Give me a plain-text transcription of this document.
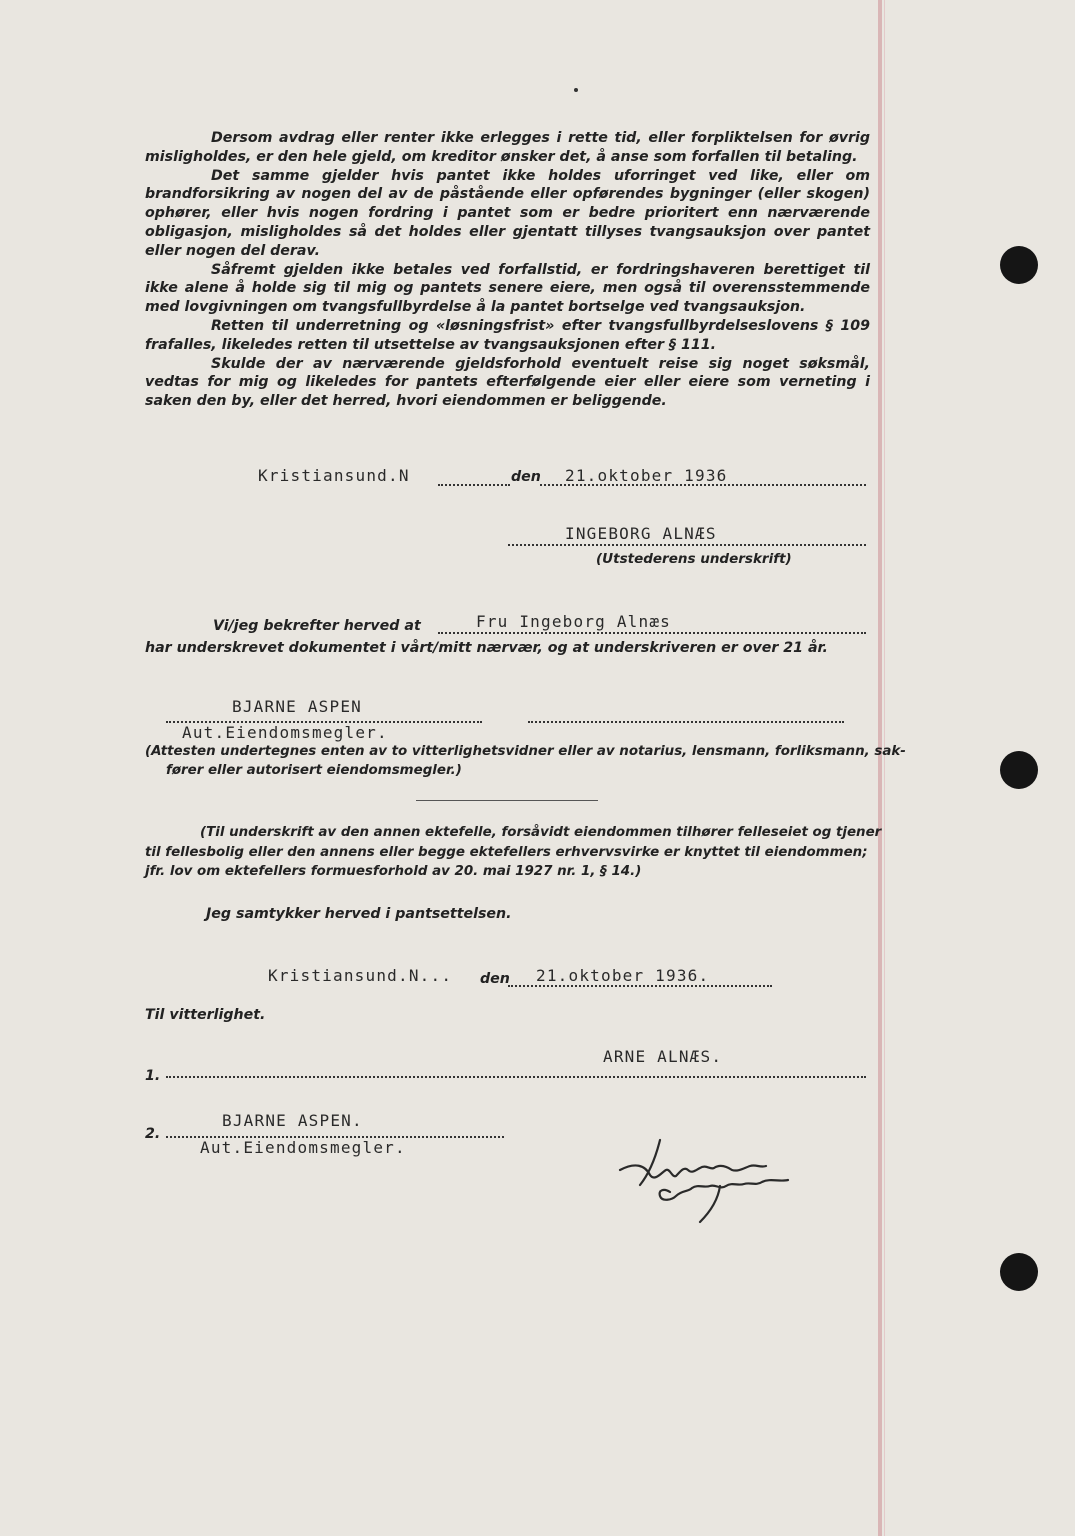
Dersom avdrag eller renter ikke erlegges i rette tid, eller forpliktelsen for øvrig misligholdes, er den hele gjeld, om kreditor ønsker det, å anse som forfallen til betaling.

Det samme gjelder hvis pantet ikke holdes uforringet ved like, eller om brandforsikring av nogen del av de påstående eller opførendes bygninger (eller skogen) ophører, eller hvis nogen fordring i pantet som er bedre prioritert enn nærværende obligasjon, misligholdes så det holdes eller gjentatt tillyses tvangsauksjon over pantet eller nogen del derav.

Såfremt gjelden ikke betales ved forfallstid, er fordringshaveren berettiget til ikke alene å holde sig til mig og pantets senere eiere, men også til overensstemmende med lovgivningen om tvangsfullbyrdelse å la pantet bortselge ved tvangsauksjon.

Retten til underretning og «løsningsfrist» efter tvangsfullbyrdelseslovens § 109 frafalles, likeledes retten til utsettelse av tvangsauksjonen efter § 111.

Skulde der av nærværende gjeldsforhold eventuelt reise sig noget søksmål, vedtas for mig og likeledes for pantets efterfølgende eier eller eiere som verneting i saken den by, eller det herred, hvori eiendommen er beliggende.

Kristiansund.N	den 21.oktober 1936
INGEBORG ALNÆS
(Utstederens underskrift)
Vi/jeg bekrefter herved at	Fru Ingeborg Alnæs
har underskrevet dokumentet i vårt/mitt nærvær, og at underskriveren er over 21 år.
BJARNE ASPEN
Aut.Eiendomsmegler.
(Attesten undertegnes enten av to vitterlighetsvidner eller av notarius, lensmann, forliksmann, sak-
fører eller autorisert eiendomsmegler.)
(Til underskrift av den annen ektefelle, forsåvidt eiendommen tilhører felleseiet og tjener
til fellesbolig eller den annens eller begge ektefellers erhvervsvirke er knyttet til eiendommen;
jfr. lov om ektefellers formuesforhold av 20. mai 1927 nr. 1, § 14.)
Jeg samtykker herved i pantsettelsen.
Kristiansund.N... den 21.oktober 1936.
Til vitterlighet.
ARNE ALNÆS.
1.
BJARNE ASPEN.
2.
Aut.Eiendomsmegler.
